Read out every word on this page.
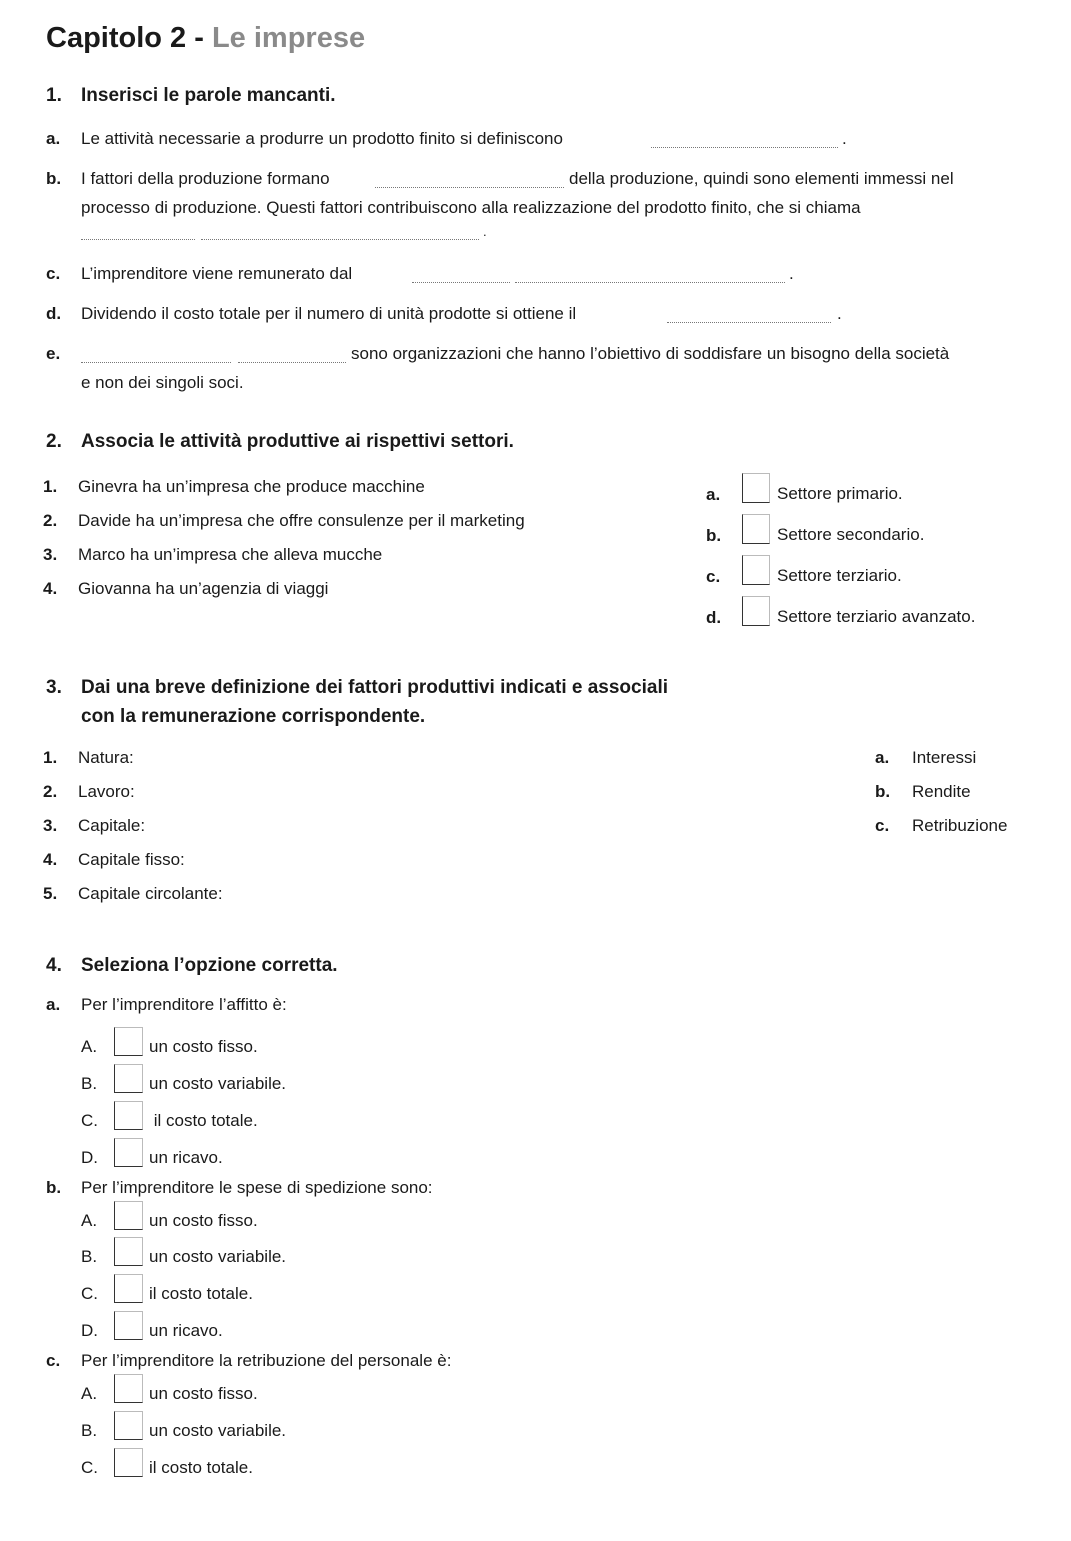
Capitolo 2 - Le imprese
1. Inserisci le parole mancanti.
a. Le attività necessarie a produrre un prodotto finito si definiscono	.
b. I fattori della produzione formano	della produzione, quindi sono elementi immessi nel
processo di produzione. Questi fattori contribuiscono alla realizzazione del prodotto finito, che si chiama
.
c. L’imprenditore viene remunerato dal	.
d. Dividendo il costo totale per il numero di unità prodotte si ottiene il	.
e.	sono organizzazioni che hanno l’obiettivo di soddisfare un bisogno della società
e non dei singoli soci.
2. Associa le attività produttive ai rispettivi settori.
1. Ginevra ha un’impresa che produce macchine
2. Davide ha un’impresa che offre consulenze per il marketing
3. Marco ha un’impresa che alleva mucche
4. Giovanna ha un’agenzia di viaggi
a.	Settore primario.
b.	Settore secondario.
c.	Settore terziario.
d.	Settore terziario avanzato.
3. Dai una breve definizione dei fattori produttivi indicati e associali
con la remunerazione corrispondente.
1. Natura:
2. Lavoro:
3. Capitale:
4. Capitale fisso:
5. Capitale circolante:
a. Interessi
b. Rendite
c. Retribuzione
4. Seleziona l’opzione corretta.
a. Per l’imprenditore l’affitto è:
A.	un costo fisso.
B.	un costo variabile.
C.	il costo totale.
D.	un ricavo.
b. Per l’imprenditore le spese di spedizione sono:
A.	un costo fisso.
B.	un costo variabile.
C.	il costo totale.
D.	un ricavo.
c. Per l’imprenditore la retribuzione del personale è:
A.	un costo fisso.
B.	un costo variabile.
C.	il costo totale.
